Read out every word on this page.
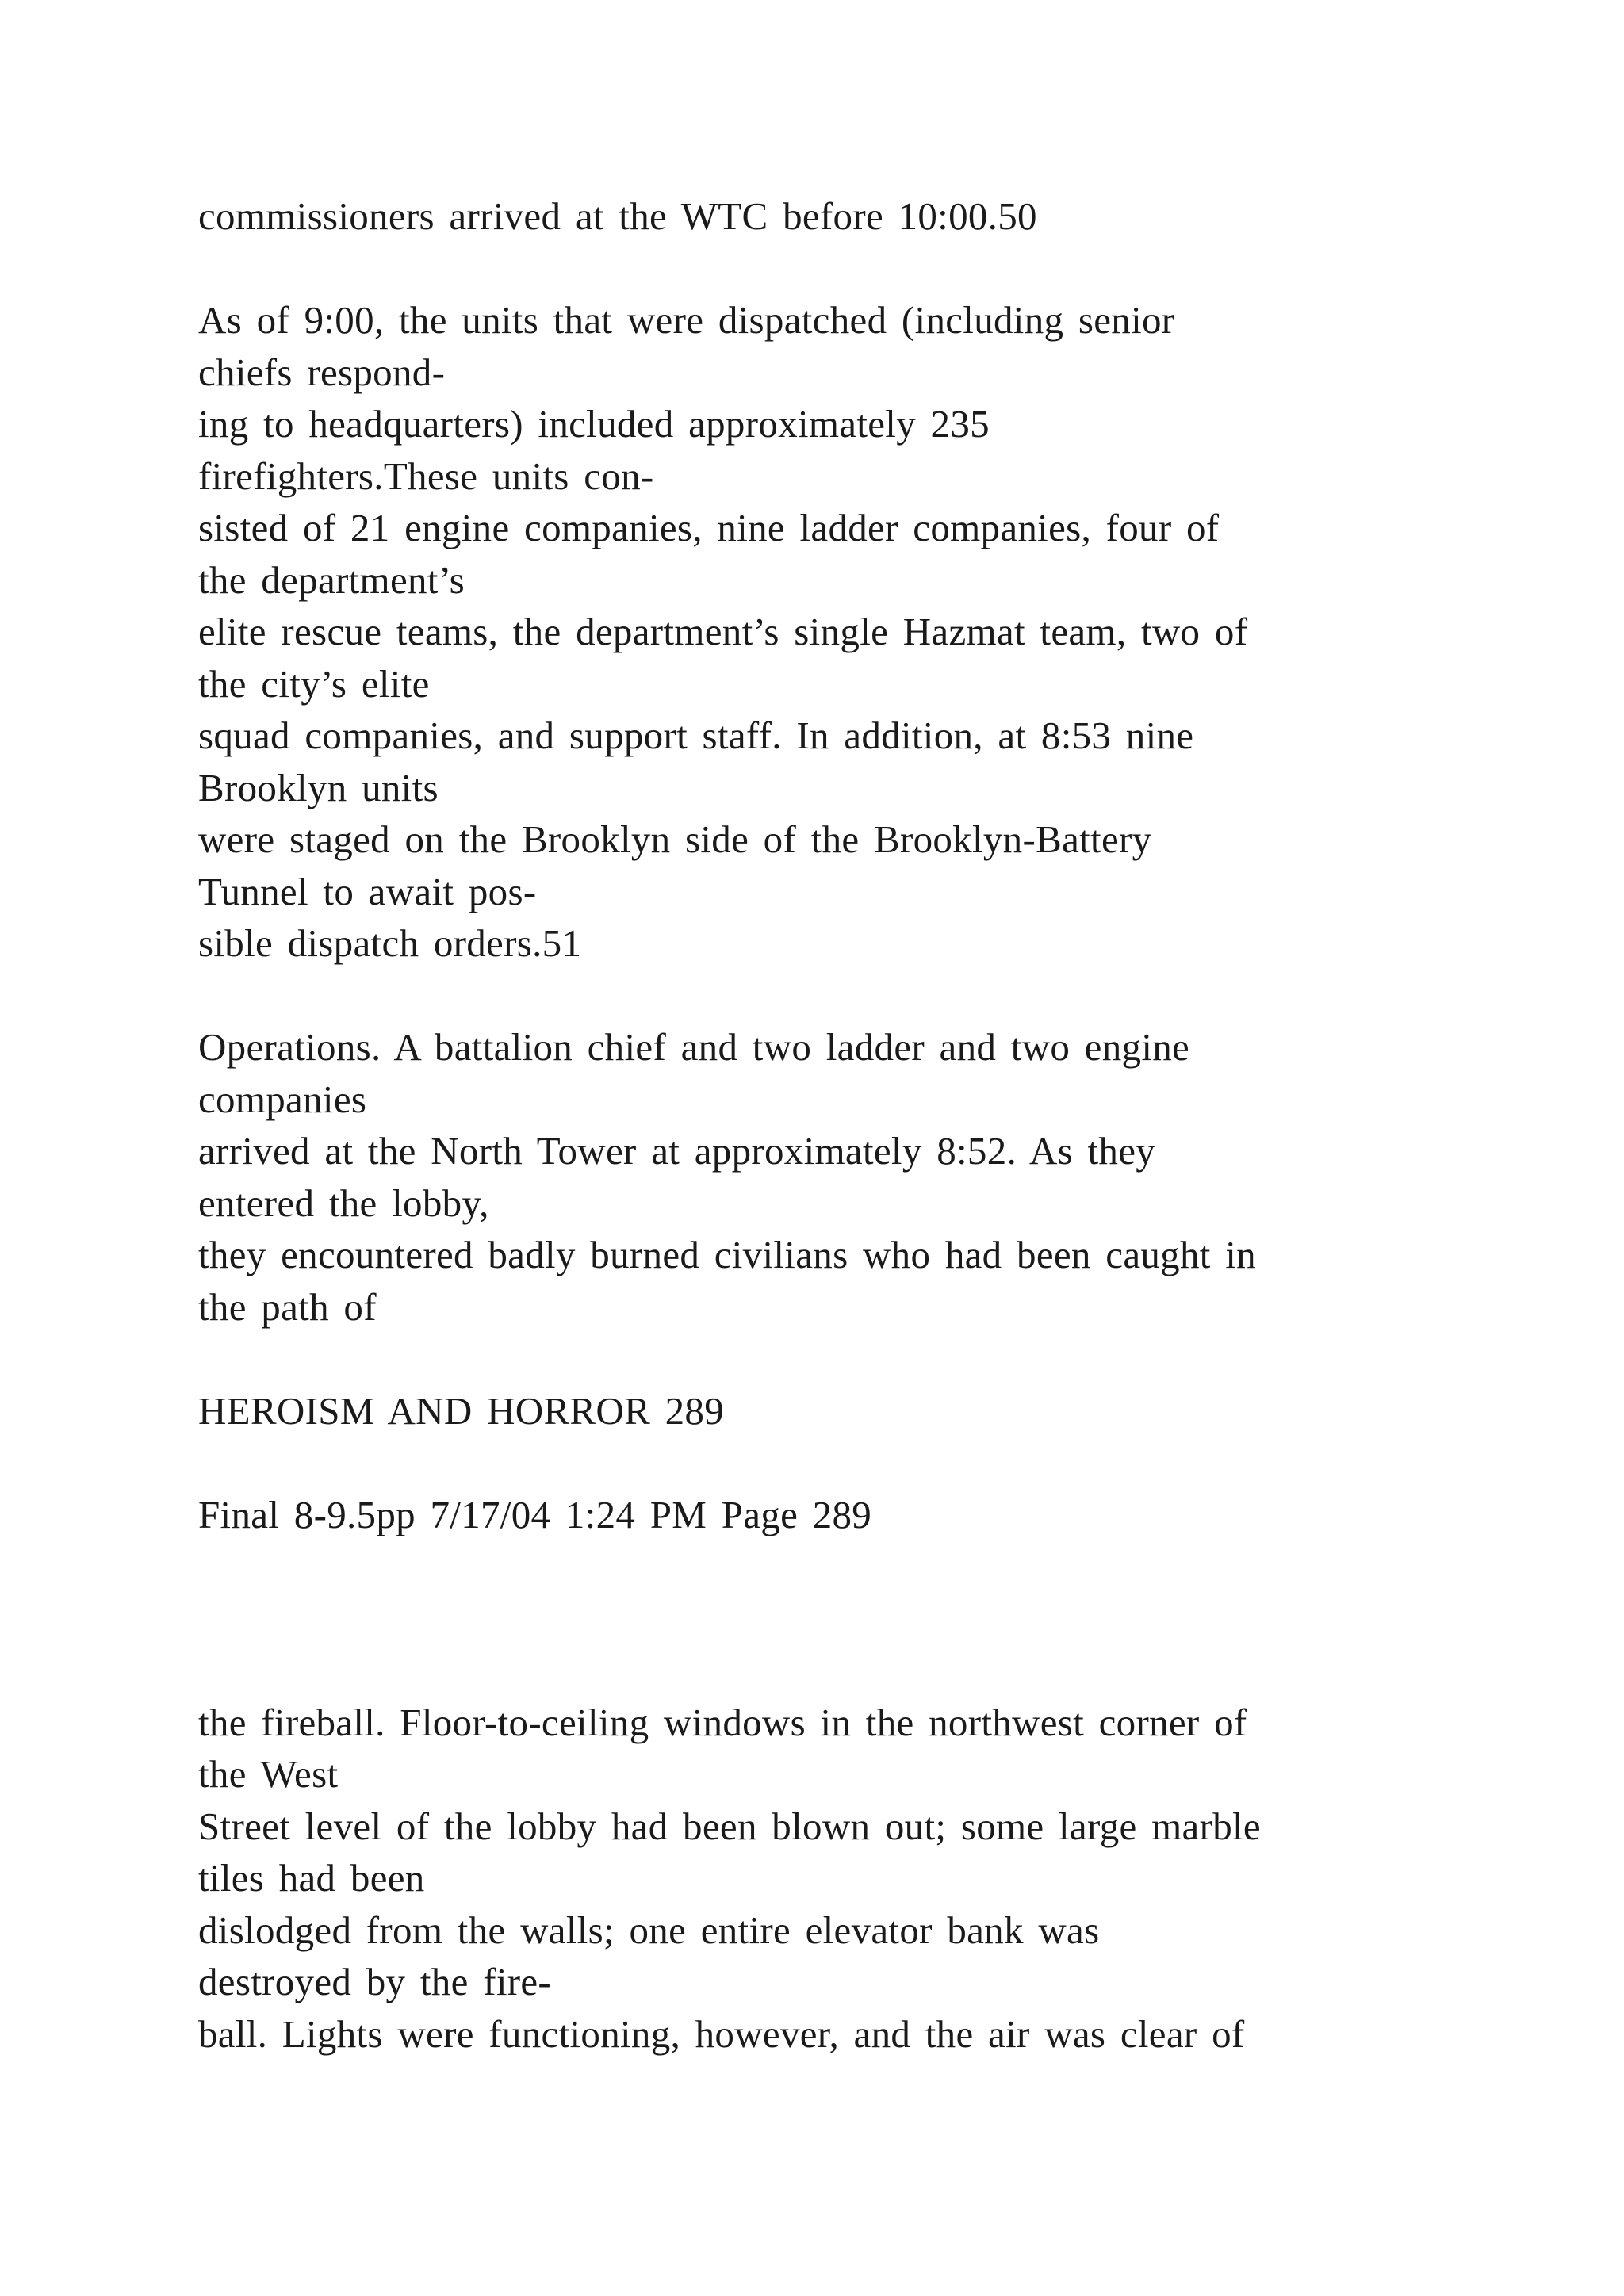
commissioners arrived at the WTC before 10:00.50
As of 9:00, the units that were dispatched (including senior
chiefs respond-
ing to headquarters) included approximately 235
firefighters.These units con-
sisted of 21 engine companies, nine ladder companies, four of
the department’s
elite rescue teams, the department’s single Hazmat team, two of
the city’s elite
squad companies, and support staff. In addition, at 8:53 nine
Brooklyn units
were staged on the Brooklyn side of the Brooklyn-Battery
Tunnel to await pos-
sible dispatch orders.51
Operations. A battalion chief and two ladder and two engine
companies
arrived at the North Tower at approximately 8:52. As they
entered the lobby,
they encountered badly burned civilians who had been caught in
the path of
HEROISM AND HORROR 289
Final 8-9.5pp 7/17/04 1:24 PM Page 289
the fireball. Floor-to-ceiling windows in the northwest corner of
the West
Street level of the lobby had been blown out; some large marble
tiles had been
dislodged from the walls; one entire elevator bank was
destroyed by the fire-
ball. Lights were functioning, however, and the air was clear of
